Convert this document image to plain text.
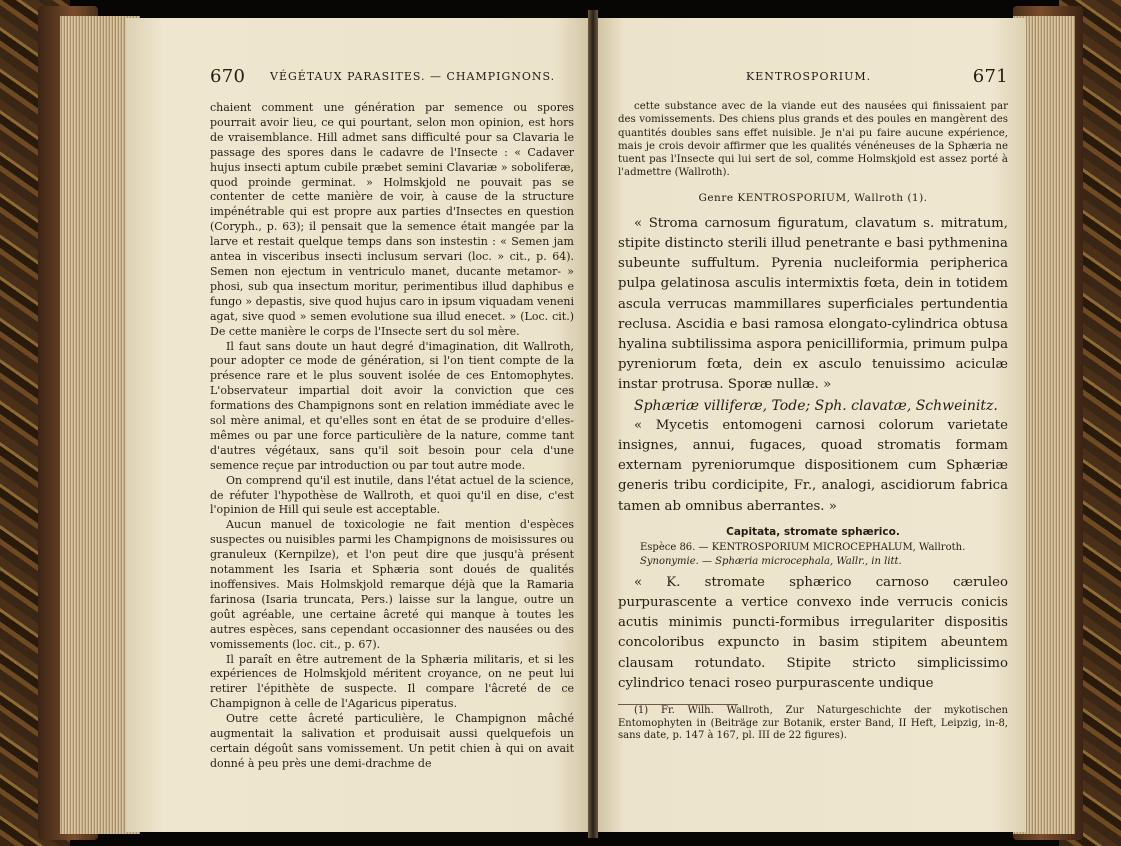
670 VÉGÉTAUX PARASITES. — CHAMPIGNONS.

chaient comment une génération par semence ou spores pourrait avoir lieu, ce qui pourtant, selon mon opinion, est hors de vraisemblance. Hill admet sans difficulté pour sa Clavaria le passage des spores dans le cadavre de l'Insecte : « Cadaver hujus insecti aptum cubile præbet semini Clavariæ » soboliferæ, quod proinde germinat. » Holmskjold ne pouvait pas se contenter de cette manière de voir, à cause de la structure impénétrable qui est propre aux parties d'Insectes en question (Coryph., p. 63); il pensait que la semence était mangée par la larve et restait quelque temps dans son instestin : « Semen jam antea in visceribus insecti inclusum servari (loc. » cit., p. 64). Semen non ejectum in ventriculo manet, ducante metamor- » phosi, sub qua insectum moritur, perimentibus illud daphibus e fungo » depastis, sive quod hujus caro in ipsum viquadam veneni agat, sive quod » semen evolutione sua illud enecet. » (Loc. cit.) De cette manière le corps de l'Insecte sert du sol mère.

Il faut sans doute un haut degré d'imagination, dit Wallroth, pour adopter ce mode de génération, si l'on tient compte de la présence rare et le plus souvent isolée de ces Entomophytes. L'observateur impartial doit avoir la conviction que ces formations des Champignons sont en relation immédiate avec le sol mère animal, et qu'elles sont en état de se produire d'elles-mêmes ou par une force particulière de la nature, comme tant d'autres végétaux, sans qu'il soit besoin pour cela d'une semence reçue par introduction ou par tout autre mode.

On comprend qu'il est inutile, dans l'état actuel de la science, de réfuter l'hypothèse de Wallroth, et quoi qu'il en dise, c'est l'opinion de Hill qui seule est acceptable.

Aucun manuel de toxicologie ne fait mention d'espèces suspectes ou nuisibles parmi les Champignons de moisissures ou granuleux (Kernpilze), et l'on peut dire que jusqu'à présent notamment les Isaria et Sphæria sont doués de qualités inoffensives. Mais Holmskjold remarque déjà que la Ramaria farinosa (Isaria truncata, Pers.) laisse sur la langue, outre un goût agréable, une certaine âcreté qui manque à toutes les autres espèces, sans cependant occasionner des nausées ou des vomissements (loc. cit., p. 67).

Il paraît en être autrement de la Sphæria militaris, et si les expériences de Holmskjold méritent croyance, on ne peut lui retirer l'épithète de suspecte. Il compare l'âcreté de ce Champignon à celle de l'Agaricus piperatus.

Outre cette âcreté particulière, le Champignon mâché augmentait la salivation et produisait aussi quelquefois un certain dégoût sans vomissement. Un petit chien à qui on avait donné à peu près une demi-drachme de

KENTROSPORIUM.	671

cette substance avec de la viande eut des nausées qui finissaient par des vomissements. Des chiens plus grands et des poules en mangèrent des quantités doubles sans effet nuisible. Je n'ai pu faire aucune expérience, mais je crois devoir affirmer que les qualités vénéneuses de la Sphæria ne tuent pas l'Insecte qui lui sert de sol, comme Holmskjold est assez porté à l'admettre (Wallroth).

Genre KENTROSPORIUM, Wallroth (1).

« Stroma carnosum figuratum, clavatum s. mitratum, stipite distincto sterili illud penetrante e basi pythmenina subeunte suffultum. Pyrenia nucleiformia peripherica pulpa gelatinosa asculis intermixtis fœta, dein in totidem ascula verrucas mammillares superficiales pertundentia reclusa. Ascidia e basi ramosa elongato-cylindrica obtusa hyalina subtilissima aspora penicilliformia, primum pulpa pyreniorum fœta, dein ex asculo tenuissimo aciculæ instar protrusa. Sporæ nullæ. »

Sphæriæ villiferæ, Tode; Sph. clavatæ, Schweinitz.

« Mycetis entomogeni carnosi colorum varietate insignes, annui, fugaces, quoad stromatis formam externam pyreniorumque dispositionem cum Sphæriæ generis tribu cordicipite, Fr., analogi, ascidiorum fabrica tamen ab omnibus aberrantes. »

Capitata, stromate sphærico.
Espèce 86. — KENTROSPORIUM MICROCEPHALUM, Wallroth.
Synonymie. — Sphæria microcephala, Wallr., in litt.

« K. stromate sphærico carnoso cæruleo purpurascente a vertice convexo inde verrucis conicis acutis minimis puncti-formibus irregulariter dispositis concoloribus expuncto in basim stipitem abeuntem clausam rotundato. Stipite stricto simplicissimo cylindrico tenaci roseo purpurascente undique

(1) Fr. Wilh. Wallroth, Zur Naturgeschichte der mykotischen Entomophyten in (Beiträge zur Botanik, erster Band, II Heft, Leipzig, in-8, sans date, p. 147 à 167, pl. III de 22 figures).
